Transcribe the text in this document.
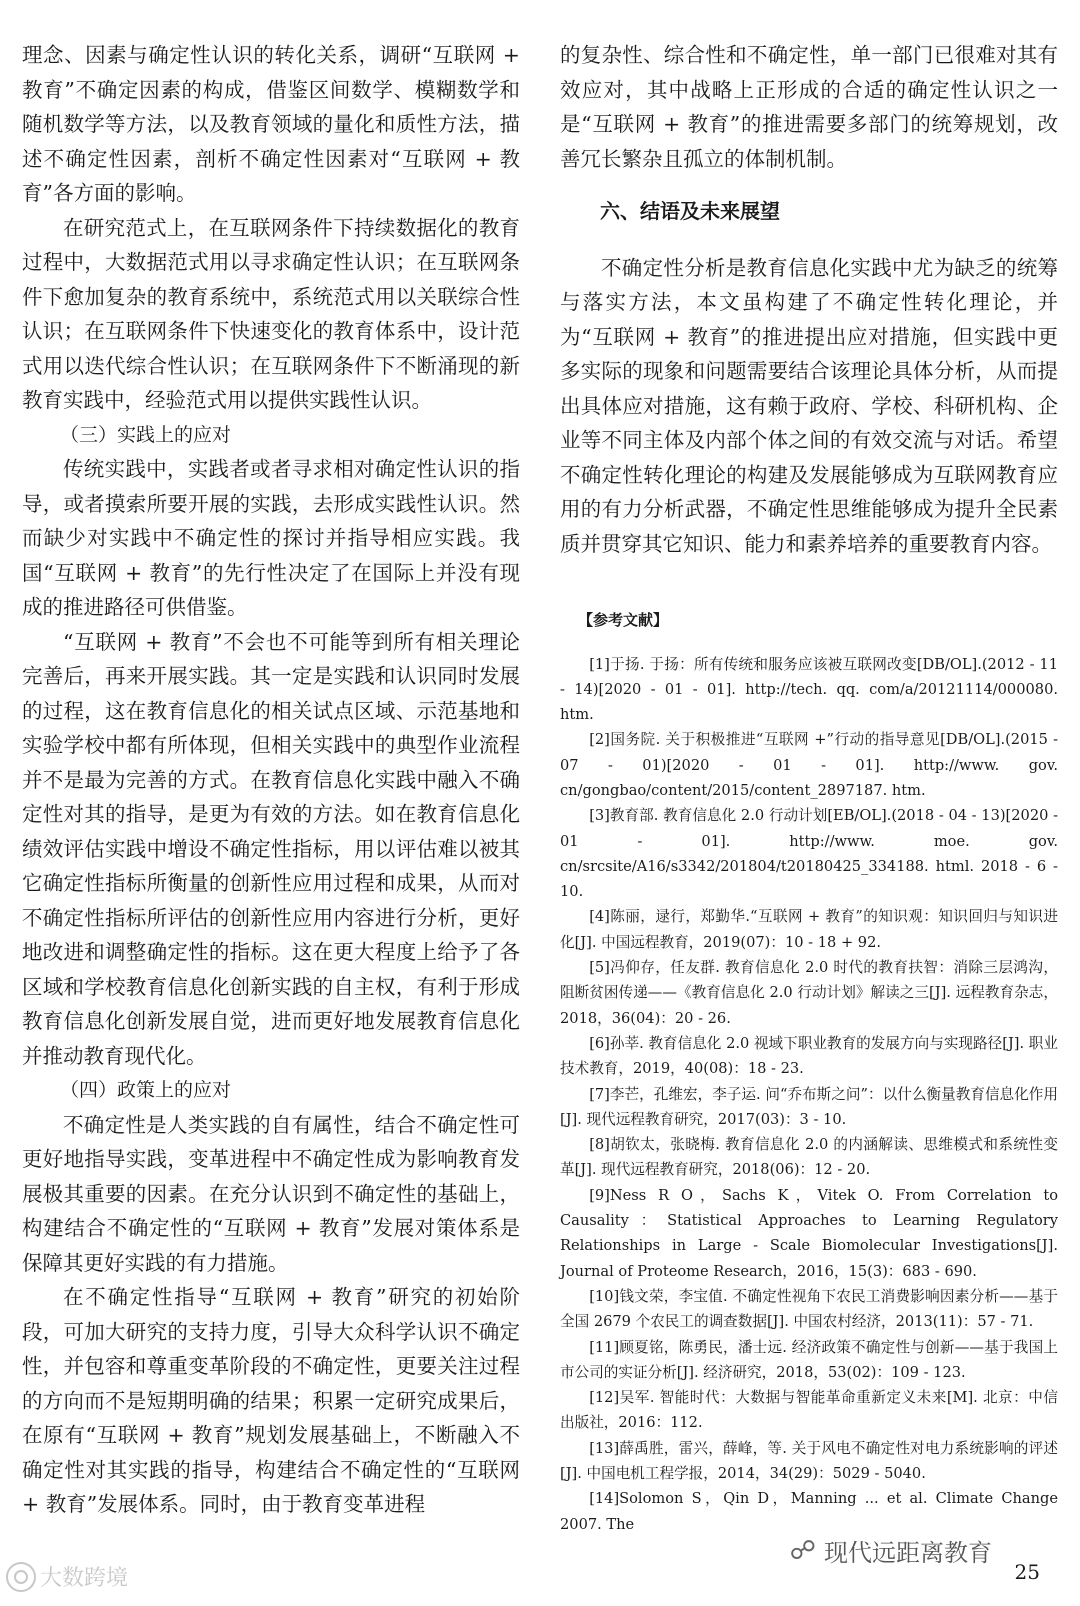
理念、因素与确定性认识的转化关系，调研“互联网 + 教育”不确定因素的构成，借鉴区间数学、模糊数学和随机数学等方法，以及教育领域的量化和质性方法，描述不确定性因素，剖析不确定性因素对“互联网 + 教育”各方面的影响。

在研究范式上，在互联网条件下持续数据化的教育过程中，大数据范式用以寻求确定性认识；在互联网条件下愈加复杂的教育系统中，系统范式用以关联综合性认识；在互联网条件下快速变化的教育体系中，设计范式用以迭代综合性认识；在互联网条件下不断涌现的新教育实践中，经验范式用以提供实践性认识。

（三）实践上的应对

传统实践中，实践者或者寻求相对确定性认识的指导，或者摸索所要开展的实践，去形成实践性认识。然而缺少对实践中不确定性的探讨并指导相应实践。我国“互联网 + 教育”的先行性决定了在国际上并没有现成的推进路径可供借鉴。

“互联网 + 教育”不会也不可能等到所有相关理论完善后，再来开展实践。其一定是实践和认识同时发展的过程，这在教育信息化的相关试点区域、示范基地和实验学校中都有所体现，但相关实践中的典型作业流程并不是最为完善的方式。在教育信息化实践中融入不确定性对其的指导，是更为有效的方法。如在教育信息化绩效评估实践中增设不确定性指标，用以评估难以被其它确定性指标所衡量的创新性应用过程和成果，从而对不确定性指标所评估的创新性应用内容进行分析，更好地改进和调整确定性的指标。这在更大程度上给予了各区域和学校教育信息化创新实践的自主权，有利于形成教育信息化创新发展自觉，进而更好地发展教育信息化并推动教育现代化。

（四）政策上的应对

不确定性是人类实践的自有属性，结合不确定性可更好地指导实践，变革进程中不确定性成为影响教育发展极其重要的因素。在充分认识到不确定性的基础上，构建结合不确定性的“互联网 + 教育”发展对策体系是保障其更好实践的有力措施。

在不确定性指导“互联网 + 教育”研究的初始阶段，可加大研究的支持力度，引导大众科学认识不确定性，并包容和尊重变革阶段的不确定性，更要关注过程的方向而不是短期明确的结果；积累一定研究成果后，在原有“互联网 + 教育”规划发展基础上，不断融入不确定性对其实践的指导，构建结合不确定性的“互联网 + 教育”发展体系。同时，由于教育变革进程

的复杂性、综合性和不确定性，单一部门已很难对其有效应对，其中战略上正形成的合适的确定性认识之一是“互联网 + 教育”的推进需要多部门的统筹规划，改善冗长繁杂且孤立的体制机制。

六、结语及未来展望

不确定性分析是教育信息化实践中尤为缺乏的统筹与落实方法，本文虽构建了不确定性转化理论，并为“互联网 + 教育”的推进提出应对措施，但实践中更多实际的现象和问题需要结合该理论具体分析，从而提出具体应对措施，这有赖于政府、学校、科研机构、企业等不同主体及内部个体之间的有效交流与对话。希望不确定性转化理论的构建及发展能够成为互联网教育应用的有力分析武器，不确定性思维能够成为提升全民素质并贯穿其它知识、能力和素养培养的重要教育内容。

【参考文献】

[1]于扬. 于扬：所有传统和服务应该被互联网改变[DB/OL].(2012 - 11 - 14)[2020 - 01 - 01]. http://tech. qq. com/a/20121114/000080. htm.

[2]国务院. 关于积极推进“互联网 +”行动的指导意见[DB/OL].(2015 - 07 - 01)[2020 - 01 - 01]. http://www. gov. cn/gongbao/content/2015/content_2897187. htm.

[3]教育部. 教育信息化 2.0 行动计划[EB/OL].(2018 - 04 - 13)[2020 - 01 - 01]. http://www. moe. gov. cn/srcsite/A16/s3342/201804/t20180425_334188. html. 2018 - 6 - 10.

[4]陈丽，逯行，郑勤华.“互联网 + 教育”的知识观：知识回归与知识进化[J]. 中国远程教育，2019(07)：10 - 18 + 92.

[5]冯仰存，任友群. 教育信息化 2.0 时代的教育扶智：消除三层鸿沟，阻断贫困传递——《教育信息化 2.0 行动计划》解读之三[J]. 远程教育杂志，2018，36(04)：20 - 26.

[6]孙莘. 教育信息化 2.0 视域下职业教育的发展方向与实现路径[J]. 职业技术教育，2019，40(08)：18 - 23.

[7]李芒，孔维宏，李子运. 问“乔布斯之问”：以什么衡量教育信息化作用[J]. 现代远程教育研究，2017(03)：3 - 10.

[8]胡钦太，张晓梅. 教育信息化 2.0 的内涵解读、思维模式和系统性变革[J]. 现代远程教育研究，2018(06)：12 - 20.

[9]Ness R O，Sachs K，Vitek O. From Correlation to Causality：Statistical Approaches to Learning Regulatory Relationships in Large - Scale Biomolecular Investigations[J]. Journal of Proteome Research，2016，15(3)：683 - 690.

[10]钱文荣，李宝值. 不确定性视角下农民工消费影响因素分析——基于全国 2679 个农民工的调查数据[J]. 中国农村经济，2013(11)：57 - 71.

[11]顾夏铭，陈勇民，潘士远. 经济政策不确定性与创新——基于我国上市公司的实证分析[J]. 经济研究，2018，53(02)：109 - 123.

[12]吴军. 智能时代：大数据与智能革命重新定义未来[M]. 北京：中信出版社，2016：112.

[13]薛禹胜，雷兴，薛峰，等. 关于风电不确定性对电力系统影响的评述[J]. 中国电机工程学报，2014，34(29)：5029 - 5040.

[14]Solomon S，Qin D，Manning ... et al. Climate Change 2007. The

大数跨境
☍ 现代远距离教育
25
